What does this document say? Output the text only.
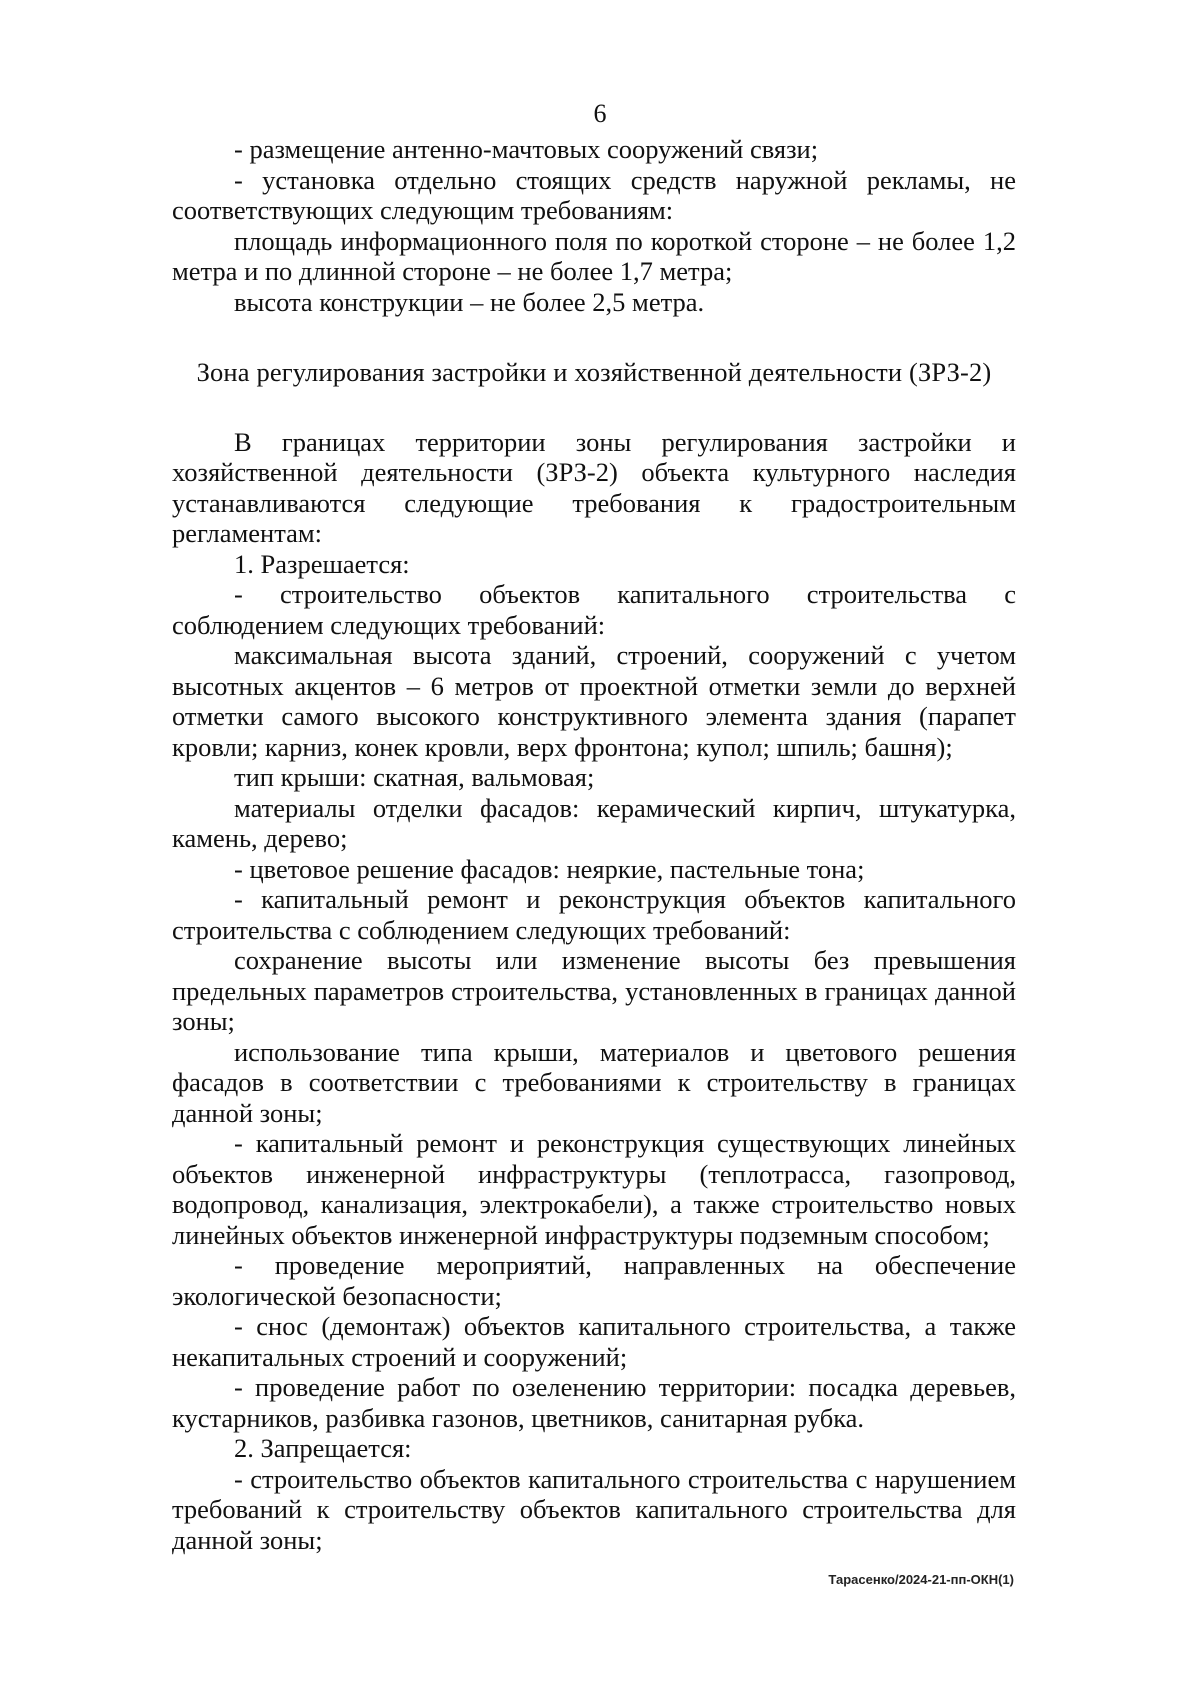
6

- размещение антенно-мачтовых сооружений связи;

- установка отдельно стоящих средств наружной рекламы, не соответствующих следующим требованиям:

площадь информационного поля по короткой стороне – не более 1,2 метра и по длинной стороне – не более 1,7 метра;

высота конструкции – не более 2,5 метра.

Зона регулирования застройки и хозяйственной деятельности (ЗРЗ-2)

В границах территории зоны регулирования застройки и хозяйственной деятельности (ЗРЗ-2) объекта культурного наследия устанавливаются следующие требования к градостроительным регламентам:

1. Разрешается:

- строительство объектов капитального строительства с соблюдением следующих требований:

максимальная высота зданий, строений, сооружений с учетом высотных акцентов – 6 метров от проектной отметки земли до верхней отметки самого высокого конструктивного элемента здания (парапет кровли; карниз, конек кровли, верх фронтона; купол; шпиль; башня);

тип крыши: скатная, вальмовая;

материалы отделки фасадов: керамический кирпич, штукатурка, камень, дерево;

- цветовое решение фасадов: неяркие, пастельные тона;

- капитальный ремонт и реконструкция объектов капитального строительства с соблюдением следующих требований:

сохранение высоты или изменение высоты без превышения предельных параметров строительства, установленных в границах данной зоны;

использование типа крыши, материалов и цветового решения фасадов в соответствии с требованиями к строительству в границах данной зоны;

- капитальный ремонт и реконструкция существующих линейных объектов инженерной инфраструктуры (теплотрасса, газопровод, водопровод, канализация, электрокабели), а также строительство новых линейных объектов инженерной инфраструктуры подземным способом;

- проведение мероприятий, направленных на обеспечение экологической безопасности;

- снос (демонтаж) объектов капитального строительства, а также некапитальных строений и сооружений;

- проведение работ по озеленению территории: посадка деревьев, кустарников, разбивка газонов, цветников, санитарная рубка.

2. Запрещается:

- строительство объектов капитального строительства с нарушением требований к строительству объектов капитального строительства для данной зоны;

Тарасенко/2024-21-пп-ОКН(1)
